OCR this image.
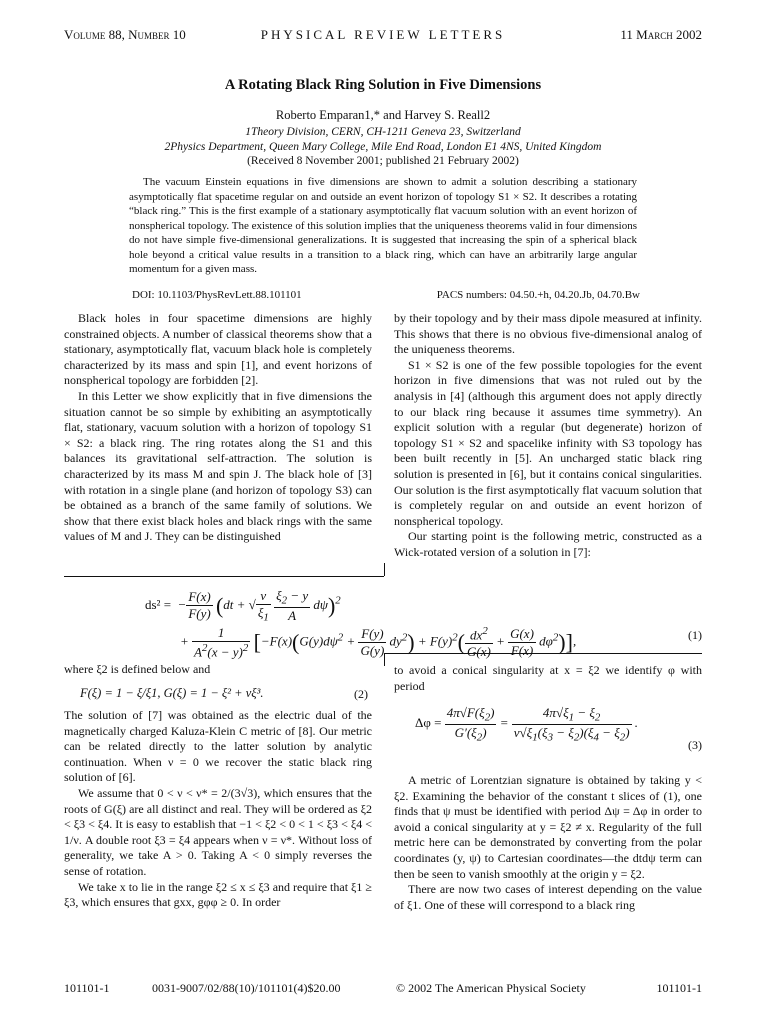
Volume 88, Number 10	PHYSICAL REVIEW LETTERS	11 March 2002
A Rotating Black Ring Solution in Five Dimensions
Roberto Emparan1,* and Harvey S. Reall2
1Theory Division, CERN, CH-1211 Geneva 23, Switzerland
2Physics Department, Queen Mary College, Mile End Road, London E1 4NS, United Kingdom
(Received 8 November 2001; published 21 February 2002)
The vacuum Einstein equations in five dimensions are shown to admit a solution describing a stationary asymptotically flat spacetime regular on and outside an event horizon of topology S1 × S2. It describes a rotating “black ring.” This is the first example of a stationary asymptotically flat vacuum solution with an event horizon of nonspherical topology. The existence of this solution implies that the uniqueness theorems valid in four dimensions do not have simple five-dimensional generalizations. It is suggested that increasing the spin of a spherical black hole beyond a critical value results in a transition to a black ring, which can have an arbitrarily large angular momentum for a given mass.
DOI: 10.1103/PhysRevLett.88.101101	PACS numbers: 04.50.+h, 04.20.Jb, 04.70.Bw

Black holes in four spacetime dimensions are highly constrained objects. A number of classical theorems show that a stationary, asymptotically flat, vacuum black hole is completely characterized by its mass and spin [1], and event horizons of nonspherical topology are forbidden [2].

In this Letter we show explicitly that in five dimensions the situation cannot be so simple by exhibiting an asymptotically flat, stationary, vacuum solution with a horizon of topology S1 × S2: a black ring. The ring rotates along the S1 and this balances its gravitational self-attraction. The solution is characterized by its mass M and spin J. The black hole of [3] with rotation in a single plane (and horizon of topology S3) can be obtained as a branch of the same family of solutions. We show that there exist black holes and black rings with the same values of M and J. They can be distinguished

by their topology and by their mass dipole measured at infinity. This shows that there is no obvious five-dimensional analog of the uniqueness theorems.

S1 × S2 is one of the few possible topologies for the event horizon in five dimensions that was not ruled out by the analysis in [4] (although this argument does not apply directly to our black ring because it assumes time symmetry). An explicit solution with a regular (but degenerate) horizon of topology S1 × S2 and spacelike infinity with S3 topology has been built recently in [5]. An uncharged static black ring solution is presented in [6], but it contains conical singularities. Our solution is the first asymptotically flat vacuum solution that is completely regular on and outside an event horizon of nonspherical topology.

Our starting point is the following metric, constructed as a Wick-rotated version of a solution in [7]:

ds² =  − $\frac{F(x)}{F(y)} (dt$ + √ $\frac{\nu}{\xi_1}$
$\frac{\xi_2 - y}{A} d\psi)^2$
+ $\frac{1}{A^2(x - y)^2} [-F(x)(G(y)d\psi^2 + \frac{F(y)}{G(y)} dy^2) + F(y)^2( \frac{dx^2}{G(x)} + \frac{G(x)}{F(x)} d\varphi^2)]$,	(1)
where ξ2 is defined below and
F(ξ) = 1 − ξ/ξ1, G(ξ) = 1 − ξ² + νξ³.	(2)

The solution of [7] was obtained as the electric dual of the magnetically charged Kaluza-Klein C metric of [8]. Our metric can be related directly to the latter solution by analytic continuation. When ν = 0 we recover the static black ring solution of [6].

We assume that 0 < ν < ν* = 2/(3√3), which ensures that the roots of G(ξ) are all distinct and real. They will be ordered as ξ2 < ξ3 < ξ4. It is easy to establish that −1 < ξ2 < 0 < 1 < ξ3 < ξ4 < 1/ν. A double root ξ3 = ξ4 appears when ν = ν*. Without loss of generality, we take A > 0. Taking A < 0 simply reverses the sense of rotation.

We take x to lie in the range ξ2 ≤ x ≤ ξ3 and require that ξ1 ≥ ξ3, which ensures that gxx, gφφ ≥ 0. In order

to avoid a conical singularity at x = ξ2 we identify φ with period
$\Delta\varphi = \frac{4\pi√F(\xi_2)}{G'(\xi_2)} = \frac{4\pi√\xi_1 - \xi_2}{\nu√\xi_1(\xi_3 - \xi_2)(\xi_4 - \xi_2)}$ .
(3)

A metric of Lorentzian signature is obtained by taking y < ξ2. Examining the behavior of the constant t slices of (1), one finds that ψ must be identified with period Δψ = Δφ in order to avoid a conical singularity at y = ξ2 ≠ x. Regularity of the full metric here can be demonstrated by converting from the polar coordinates (y, ψ) to Cartesian coordinates—the dtdψ term can then be seen to vanish smoothly at the origin y = ξ2.

There are now two cases of interest depending on the value of ξ1. One of these will correspond to a black ring

101101-1	0031-9007/02/88(10)/101101(4)$20.00	© 2002 The American Physical Society	101101-1
